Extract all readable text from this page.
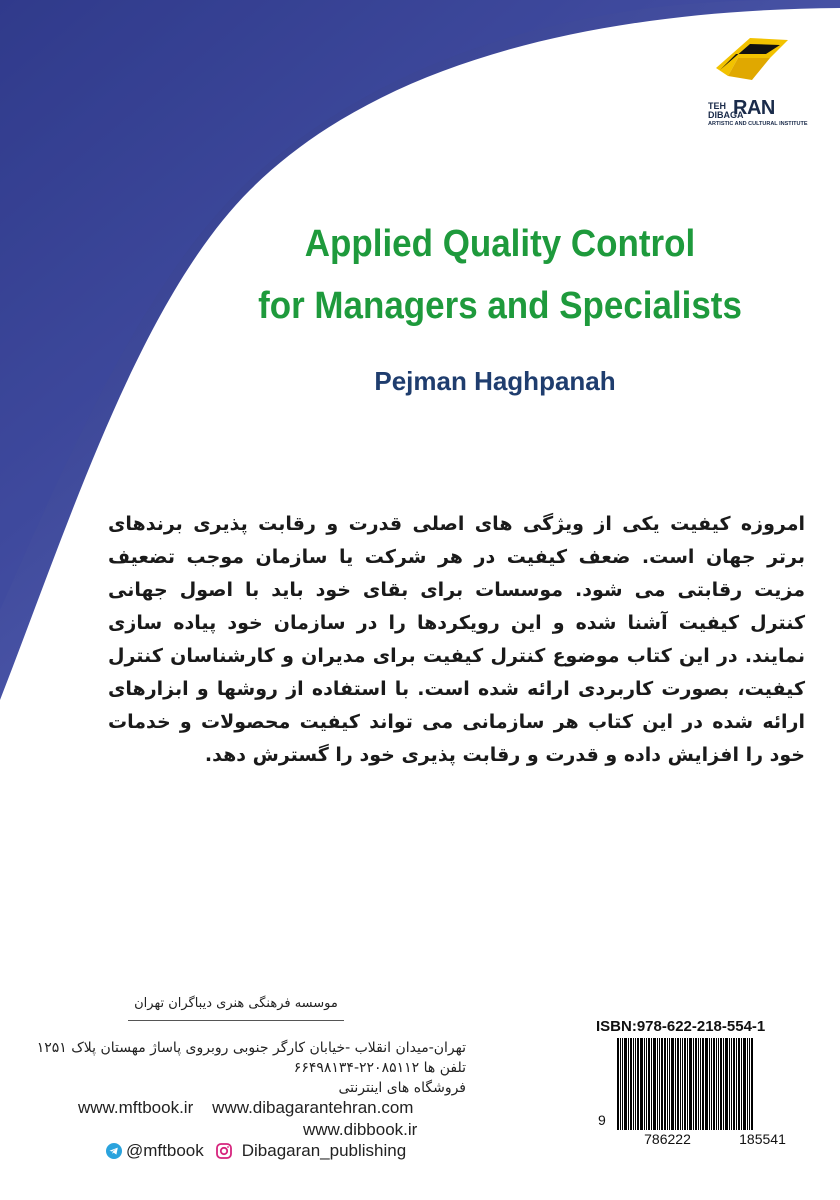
TEH
DIBAGA
RAN
ARTISTIC AND CULTURAL INSTITUTE
Applied Quality Control
for Managers and Specialists
Pejman Haghpanah
امروزه کیفیت یکی از ویژگی های اصلی قدرت و رقابت پذیری برندهای برتر جهان است. ضعف کیفیت در هر شرکت یا سازمان موجب تضعیف مزیت رقابتی می شود. موسسات برای بقای خود باید با اصول جهانی کنترل کیفیت آشنا شده و این رویکردها را در سازمان خود پیاده سازی نمایند. در این کتاب موضوع کنترل کیفیت برای مدیران و کارشناسان کنترل کیفیت، بصورت کاربردی ارائه شده است. با استفاده از روشها و ابزارهای ارائه شده در این کتاب هر سازمانی می تواند کیفیت محصولات و خدمات خود را افزایش داده و قدرت و رقابت پذیری خود را گسترش دهد.
موسسه فرهنگی هنری دیباگران تهران
تهران-میدان انقلاب -خیابان کارگر جنوبی روبروی پاساژ مهستان پلاک ۱۲۵۱
تلفن ها ۲۲۰۸۵۱۱۲-۶۶۴۹۸۱۳۴
فروشگاه های اینترنتی
www.mftbook.ir www.dibagarantehran.com
www.dibbook.ir
@mftbook Dibagaran_publishing
ISBN:978-622-218-554-1
9
786222	185541
